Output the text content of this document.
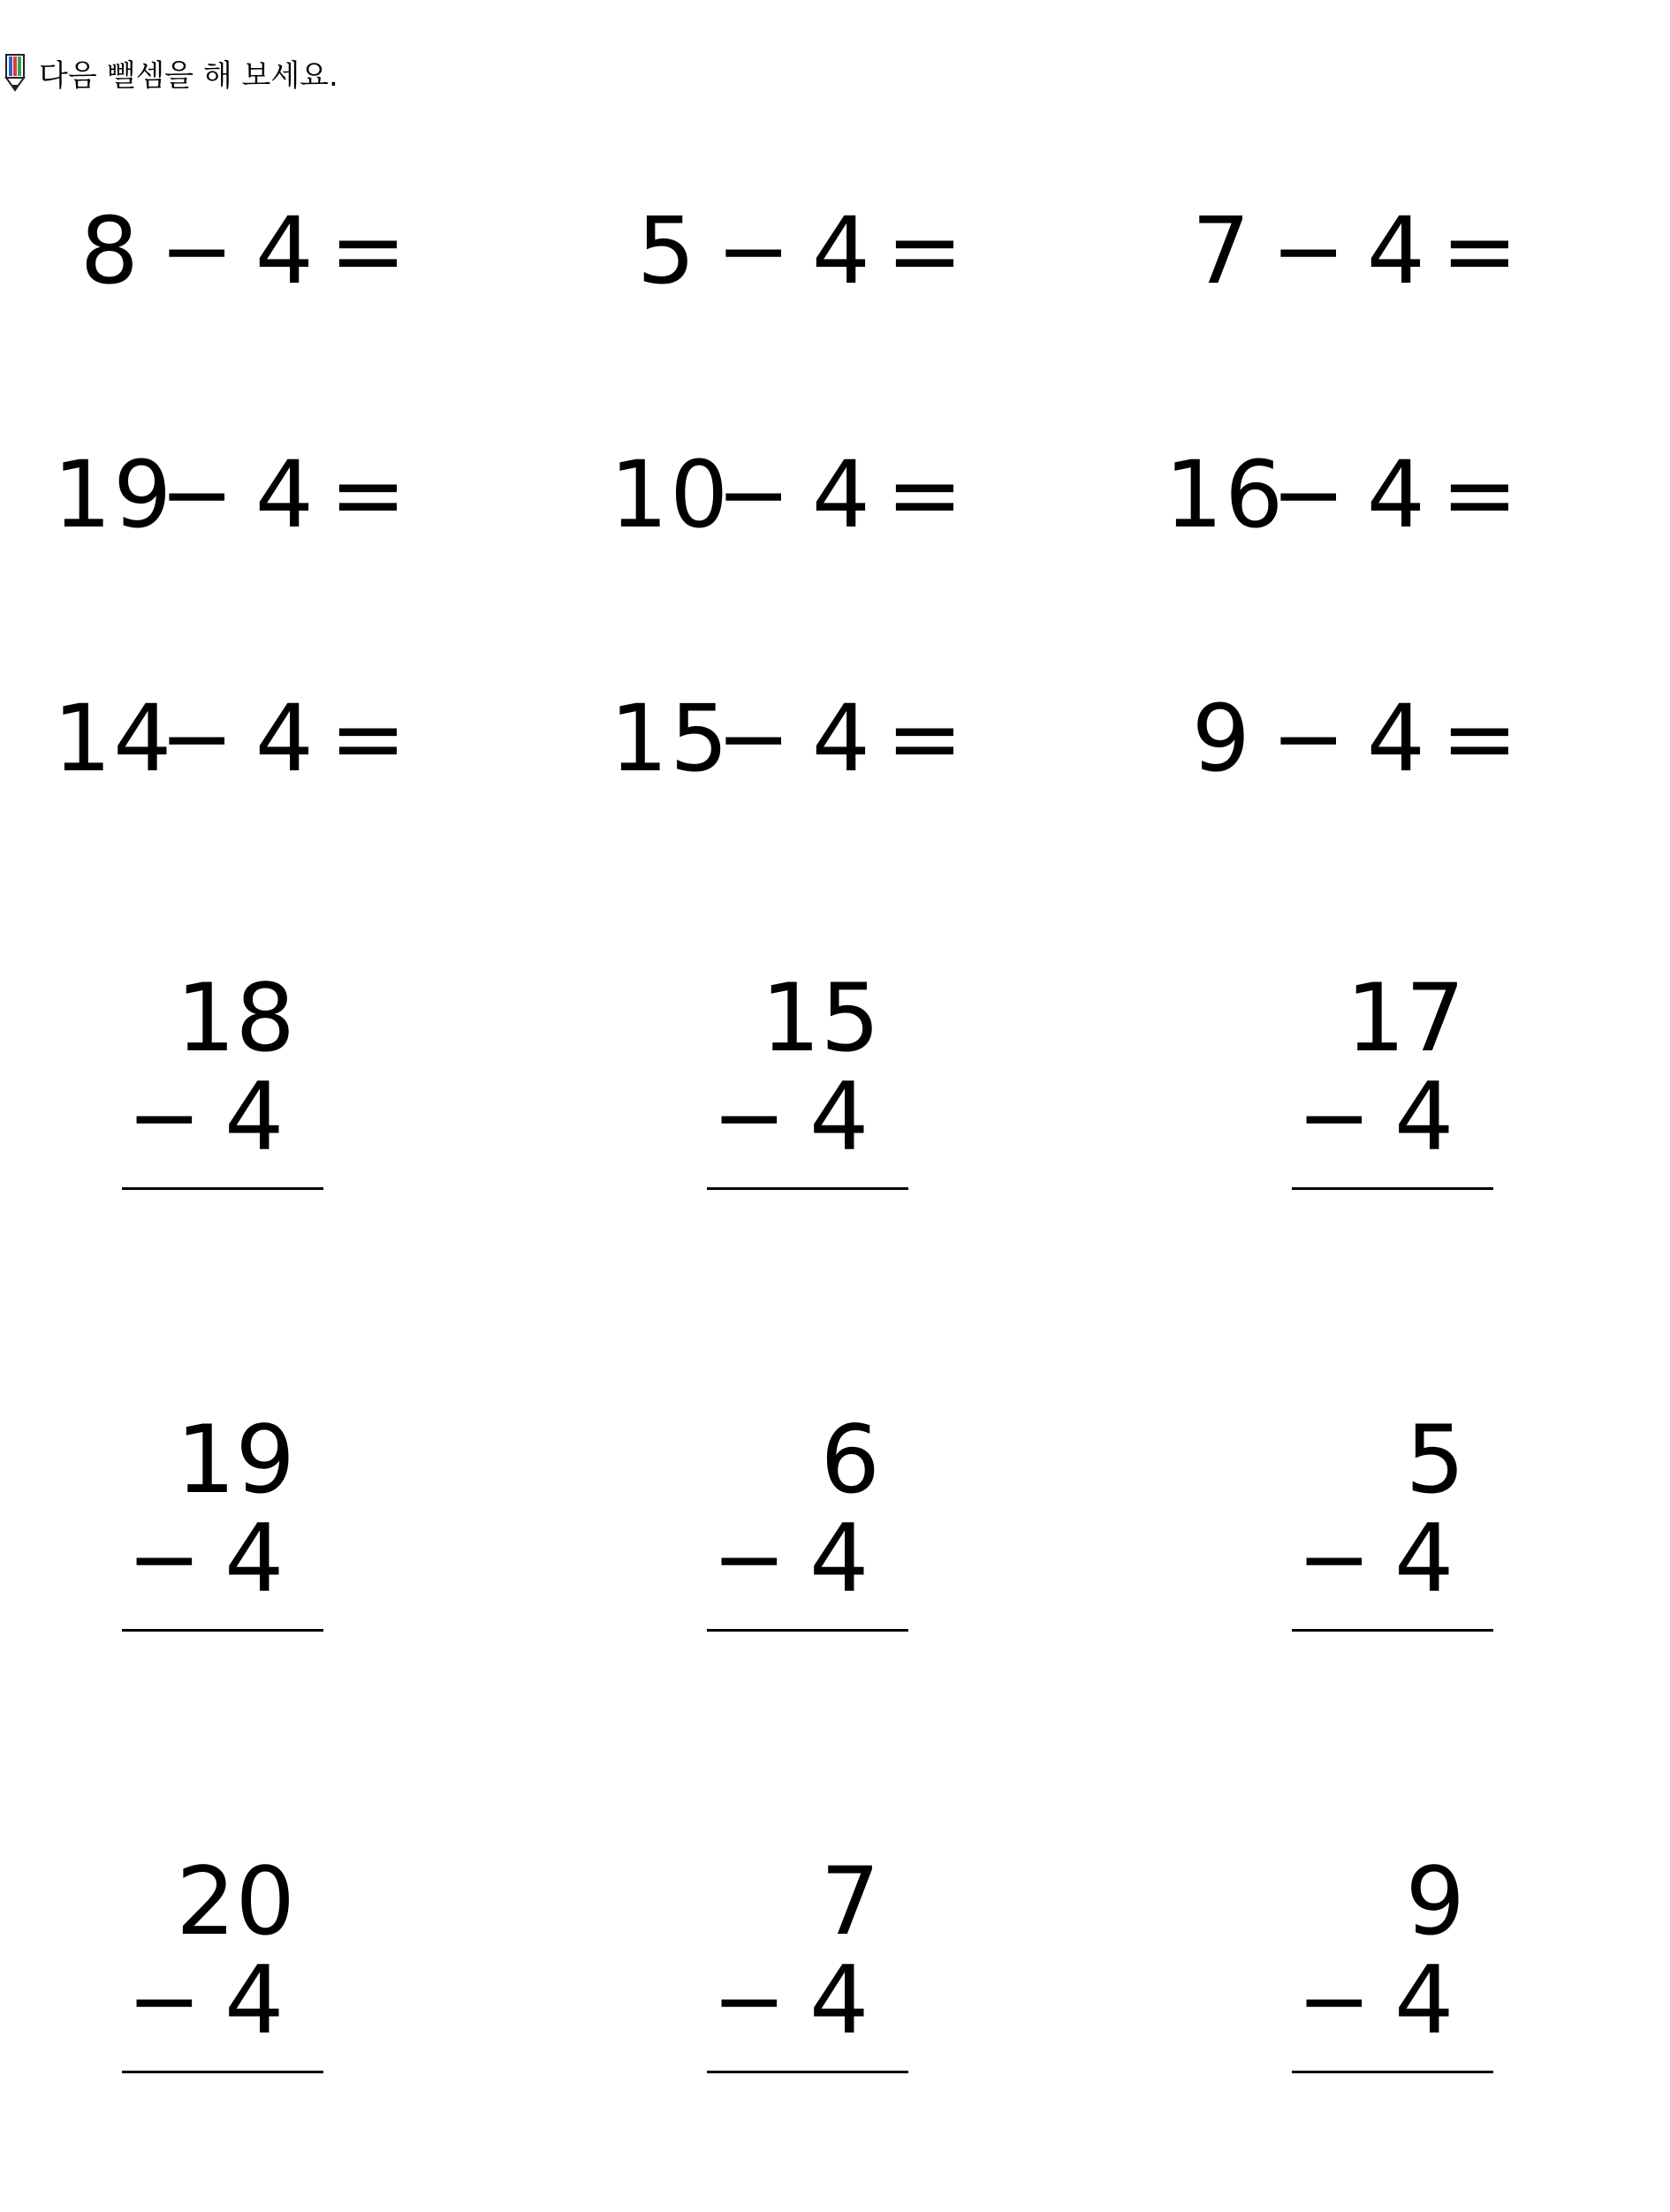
다음 뺄셈을 해 보세요.
8 − 4 = 5 − 4 = 7 − 4 =
19
− 4 = 10
− 4 = 16
− 4 =
14
− 4 = 15
− 4 = 9 − 4 =
18
− 4
15
− 4
17
− 4
19
− 4
6
− 4
5
− 4
20
− 4
7
− 4
9
− 4
